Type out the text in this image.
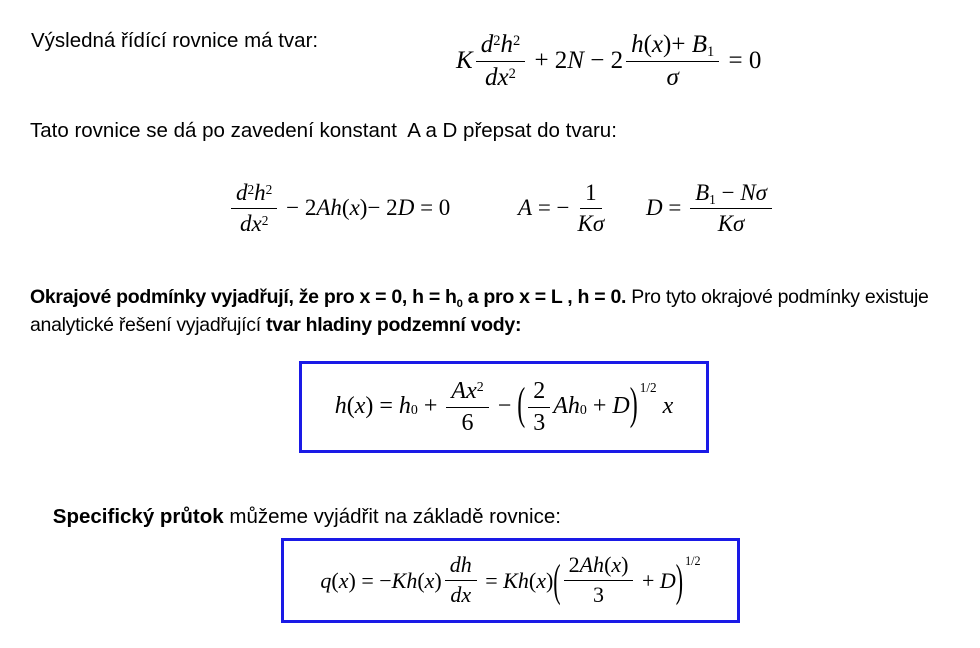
Výsledná řídící rovnice má tvar:
K $\frac{d 2 h 2}{dx 2} + 2$ $N - 2 \frac{h ( x ) + B 1}{\sigma} = 0$
Tato rovnice se dá po zavedení konstant  A a D přepsat do tvaru:
$\frac{d 2 h 2}{dx 2} - 2$ Ah ( x ) − 2 D = 0	A = − $\frac{1}{K\sigma}$ $D = \frac{B 1 - N\sigma}{K\sigma}$
Okrajové podmínky vyjadřují, že pro x = 0, h = h0 a pro x = L , h = 0. Pro tyto okrajové podmínky existuje analytické řešení vyjadřující tvar hladiny podzemní vody:
h ( x ) = h $0 + \frac{Ax 2}{6}$ − ( $\frac{2}{3}$ Ah 0 + D ) 1/2
x

Specifický průtok můžeme vyjádřit na základě rovnice:

q ( x ) = − Kh ( x ) $\frac{dh}{dx} = Kh$ ( x ) ( $\frac{2 Ah ( x )}{3} + D$ ) 1/2
